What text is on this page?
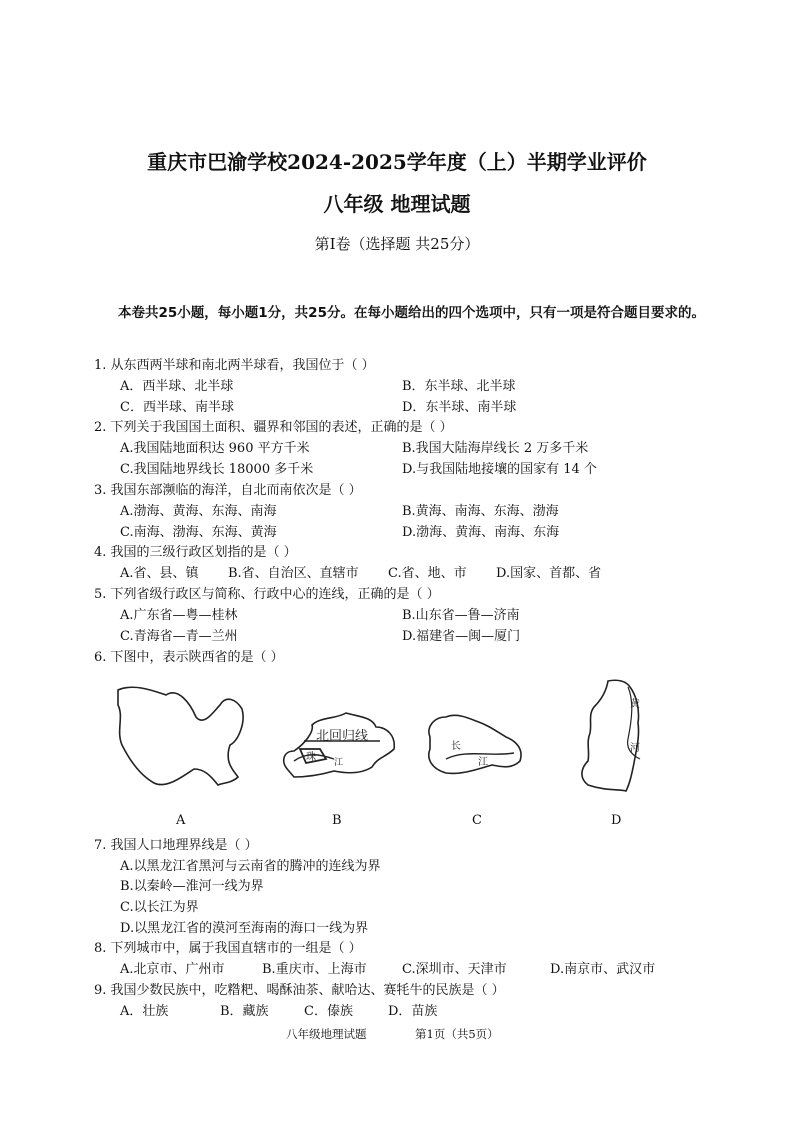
重庆市巴渝学校2024-2025学年度（上）半期学业评价
八年级 地理试题
第Ⅰ卷（选择题 共25分）
本卷共25小题，每小题1分，共25分。在每小题给出的四个选项中，只有一项是符合题目要求的。
1. 从东西两半球和南北两半球看，我国位于（ ）
A．西半球、北半球	B．东半球、北半球
C．西半球、南半球	D．东半球、南半球
2. 下列关于我国国土面积、疆界和邻国的表述，正确的是（ ）
A.我国陆地面积达 960 平方千米	B.我国大陆海岸线长 2 万多千米
C.我国陆地界线长 18000 多千米	D.与我国陆地接壤的国家有 14 个
3. 我国东部濒临的海洋，自北而南依次是（ ）
A.渤海、黄海、东海、南海	B.黄海、南海、东海、渤海
C.南海、渤海、东海、黄海	D.渤海、黄海、南海、东海
4. 我国的三级行政区划指的是（ ）
A.省、县、镇 B.省、自治区、直辖市 C.省、地、市 D.国家、首都、省
5. 下列省级行政区与简称、行政中心的连线，正确的是（ ）
A.广东省—粤—桂林	B.山东省—鲁—济南
C.青海省—青—兰州	D.福建省—闽—厦门
6. 下图中，表示陕西省的是（ ）
北回归线
珠 江
长
江
黄
河
A	B	C	D
7. 我国人口地理界线是（ ）
A.以黑龙江省黑河与云南省的腾冲的连线为界
B.以秦岭—淮河一线为界
C.以长江为界
D.以黑龙江省的漠河至海南的海口一线为界
8. 下列城市中，属于我国直辖市的一组是（ ）
A.北京市、广州市	B.重庆市、上海市	C.深圳市、天津市	D.南京市、武汉市
9. 我国少数民族中，吃糌粑、喝酥油茶、献哈达、赛牦牛的民族是（ ）
A．壮族	B．藏族	C．傣族	D．苗族
八年级地理试题	第1页（共5页）
